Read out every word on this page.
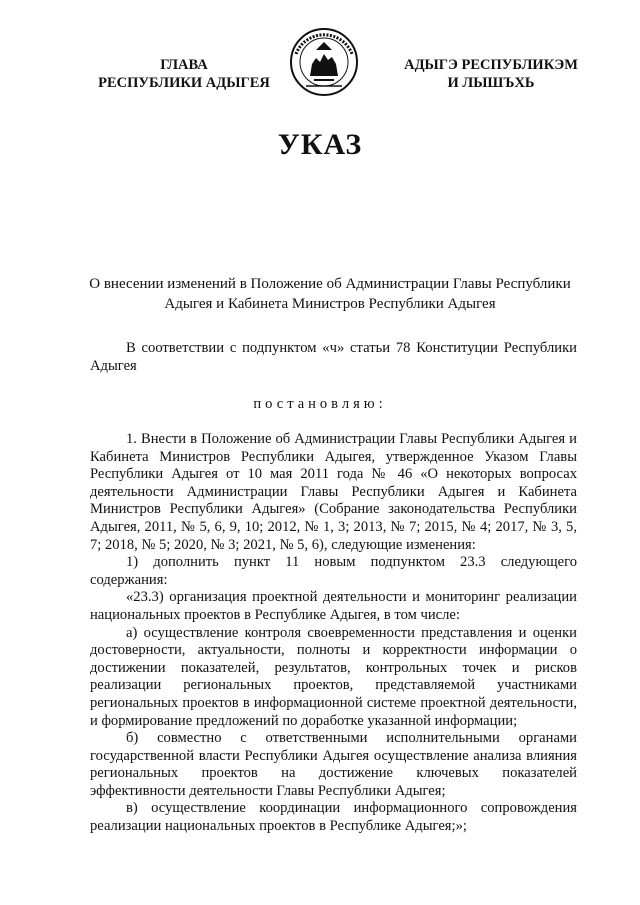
ГЛАВА
РЕСПУБЛИКИ АДЫГЕЯ
АДЫГЭ РЕСПУБЛИКЭМ
И ЛЫШЪХЬ
УКАЗ
О внесении изменений в Положение об Администрации Главы Республики
Адыгея и Кабинета Министров Республики Адыгея

В соответствии с подпунктом «ч» статьи 78 Конституции Республики Адыгея

постановляю:

1. Внести в Положение об Администрации Главы Республики Адыгея и Кабинета Министров Республики Адыгея, утвержденное Указом Главы Республики Адыгея от 10 мая 2011 года № 46 «О некоторых вопросах деятельности Администрации Главы Республики Адыгея и Кабинета Министров Республики Адыгея» (Собрание законодательства Республики Адыгея, 2011, № 5, 6, 9, 10; 2012, № 1, 3; 2013, № 7; 2015, № 4; 2017, № 3, 5, 7; 2018, № 5; 2020, № 3; 2021, № 5, 6), следующие изменения:

1) дополнить пункт 11 новым подпунктом 23.3 следующего содержания:

«23.3) организация проектной деятельности и мониторинг реализации национальных проектов в Республике Адыгея, в том числе:

а) осуществление контроля своевременности представления и оценки достоверности, актуальности, полноты и корректности информации о достижении показателей, результатов, контрольных точек и рисков реализации региональных проектов, представляемой участниками региональных проектов в информационной системе проектной деятельности, и формирование предложений по доработке указанной информации;

б) совместно с ответственными исполнительными органами государственной власти Республики Адыгея осуществление анализа влияния региональных проектов на достижение ключевых показателей эффективности деятельности Главы Республики Адыгея;

в) осуществление координации информационного сопровождения реализации национальных проектов в Республике Адыгея;»;
